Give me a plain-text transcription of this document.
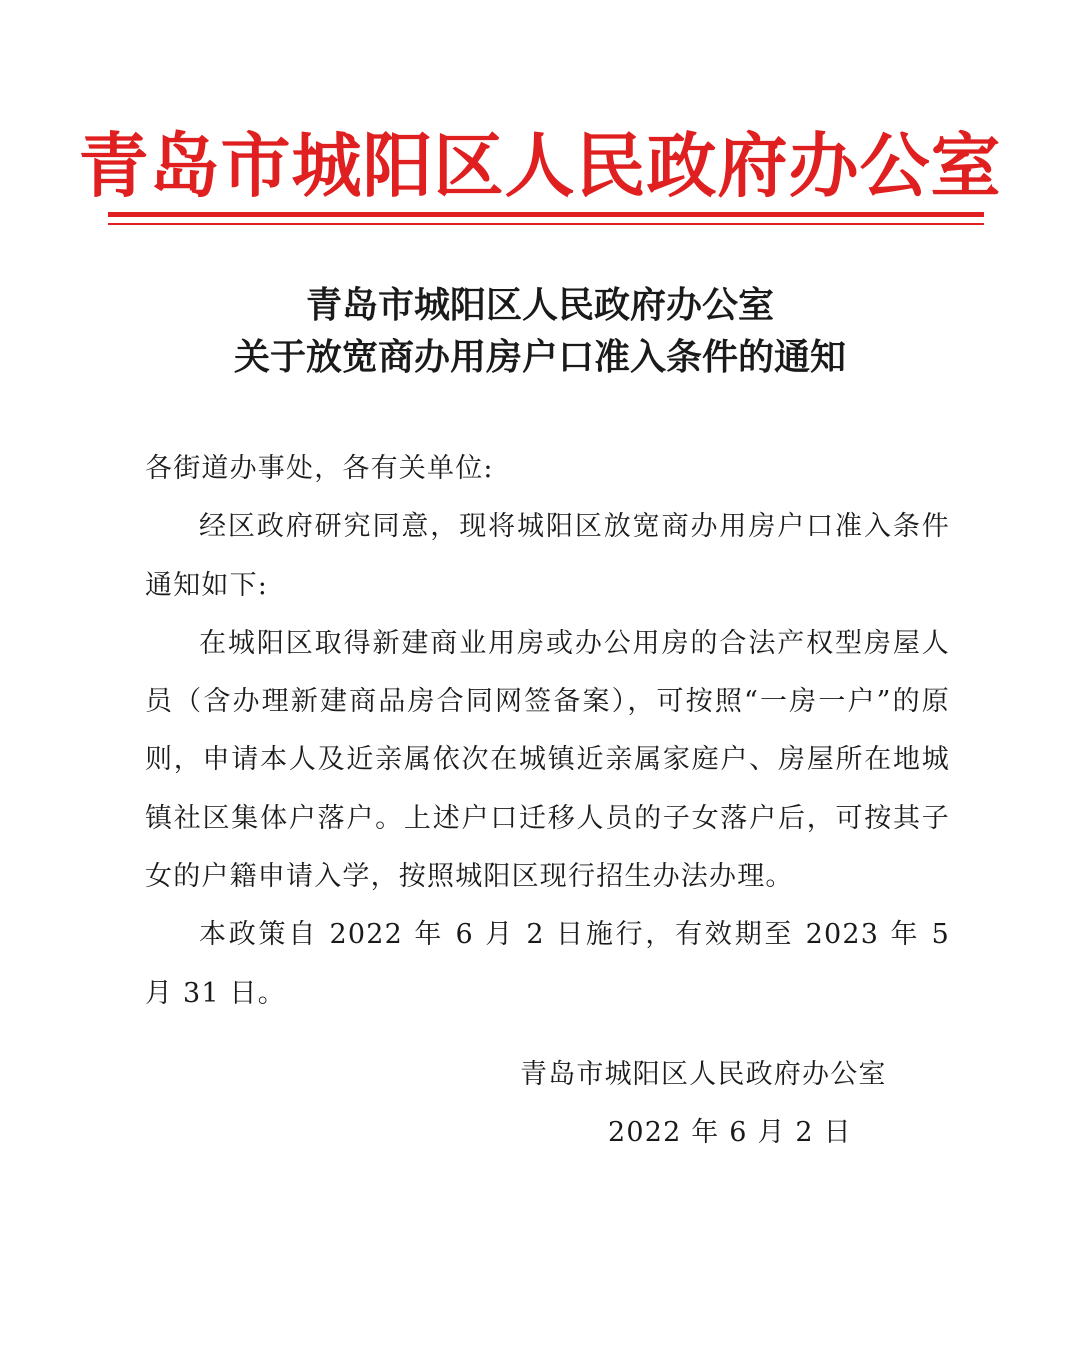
青岛市城阳区人民政府办公室
青岛市城阳区人民政府办公室
关于放宽商办用房户口准入条件的通知

各街道办事处，各有关单位:

经区政府研究同意，现将城阳区放宽商办用房户口准入条件通知如下:

在城阳区取得新建商业用房或办公用房的合法产权型房屋人员（含办理新建商品房合同网签备案），可按照“一房一户”的原则，申请本人及近亲属依次在城镇近亲属家庭户、房屋所在地城镇社区集体户落户。上述户口迁移人员的子女落户后，可按其子女的户籍申请入学，按照城阳区现行招生办法办理。

本政策自 2022 年 6 月 2 日施行，有效期至 2023 年 5 月 31 日。

青岛市城阳区人民政府办公室
2022 年 6 月 2 日
